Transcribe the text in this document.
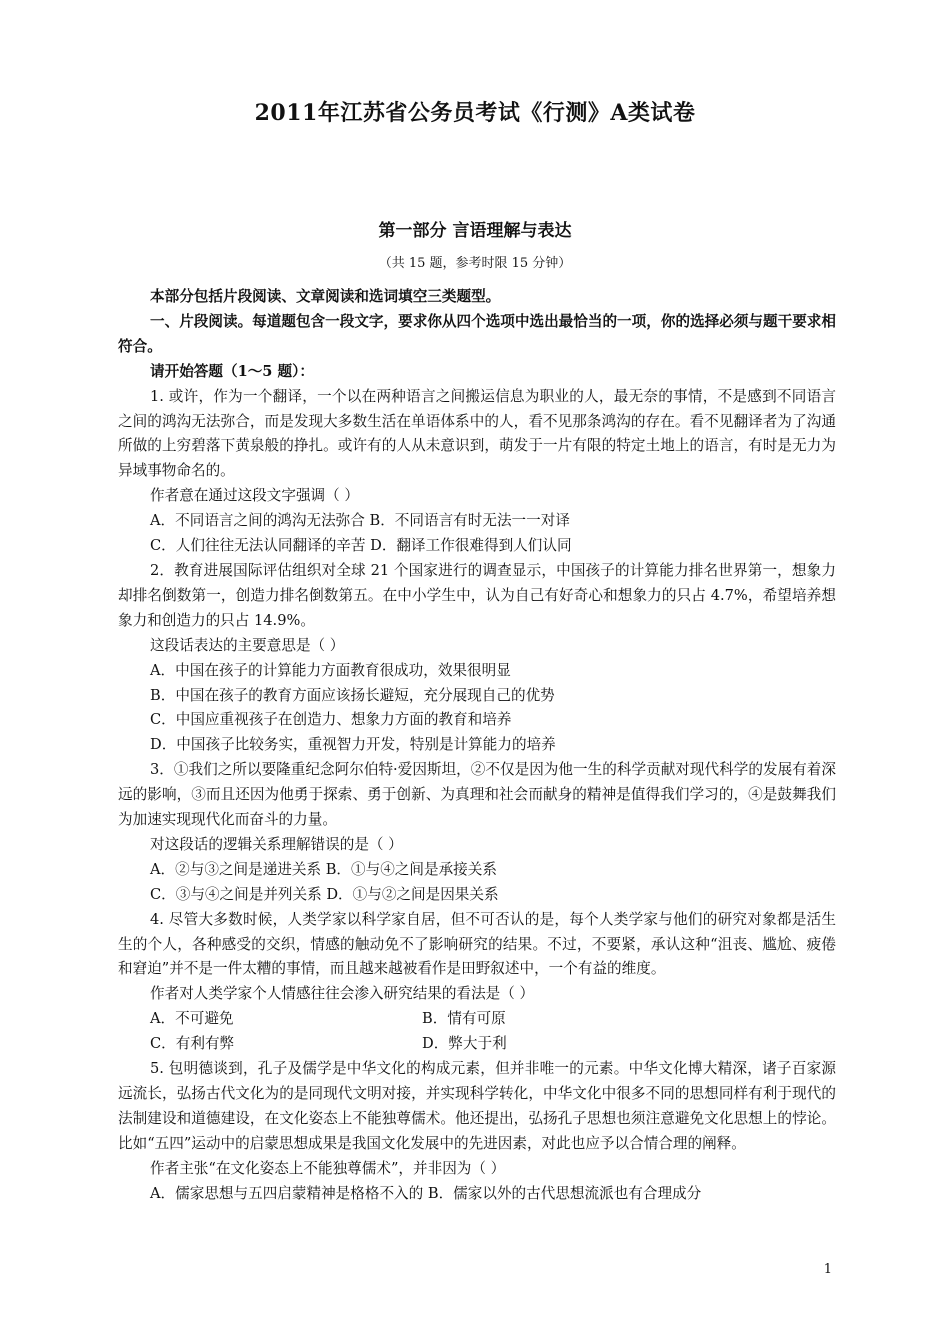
2011年江苏省公务员考试《行测》A类试卷
第一部分 言语理解与表达
（共 15 题，参考时限 15 分钟）

本部分包括片段阅读、文章阅读和选词填空三类题型。

一、片段阅读。每道题包含一段文字，要求你从四个选项中选出最恰当的一项，你的选择必须与题干要求相符合。

请开始答题（1～5 题）：

1. 或许，作为一个翻译，一个以在两种语言之间搬运信息为职业的人，最无奈的事情，不是感到不同语言之间的鸿沟无法弥合，而是发现大多数生活在单语体系中的人，看不见那条鸿沟的存在。看不见翻译者为了沟通所做的上穷碧落下黄泉般的挣扎。或许有的人从未意识到，萌发于一片有限的特定土地上的语言，有时是无力为异域事物命名的。

作者意在通过这段文字强调（ ）

A．不同语言之间的鸿沟无法弥合 B．不同语言有时无法一一对译

C．人们往往无法认同翻译的辛苦 D．翻译工作很难得到人们认同

2．教育进展国际评估组织对全球 21 个国家进行的调查显示，中国孩子的计算能力排名世界第一，想象力却排名倒数第一，创造力排名倒数第五。在中小学生中，认为自己有好奇心和想象力的只占 4.7%，希望培养想象力和创造力的只占 14.9%。

这段话表达的主要意思是（ ）

A．中国在孩子的计算能力方面教育很成功，效果很明显

B．中国在孩子的教育方面应该扬长避短，充分展现自己的优势

C．中国应重视孩子在创造力、想象力方面的教育和培养

D．中国孩子比较务实，重视智力开发，特别是计算能力的培养

3．①我们之所以要隆重纪念阿尔伯特·爱因斯坦，②不仅是因为他一生的科学贡献对现代科学的发展有着深远的影响，③而且还因为他勇于探索、勇于创新、为真理和社会而献身的精神是值得我们学习的，④是鼓舞我们为加速实现现代化而奋斗的力量。

对这段话的逻辑关系理解错误的是（ ）

A．②与③之间是递进关系 B．①与④之间是承接关系

C．③与④之间是并列关系 D．①与②之间是因果关系

4. 尽管大多数时候，人类学家以科学家自居，但不可否认的是，每个人类学家与他们的研究对象都是活生生的个人，各种感受的交织，情感的触动免不了影响研究的结果。不过，不要紧，承认这种“沮丧、尴尬、疲倦和窘迫”并不是一件太糟的事情，而且越来越被看作是田野叙述中，一个有益的维度。

作者对人类学家个人情感往往会渗入研究结果的看法是（ ）

A．不可避免	B．情有可原
C．有利有弊	D．弊大于利

5. 包明德谈到，孔子及儒学是中华文化的构成元素，但并非唯一的元素。中华文化博大精深，诸子百家源远流长，弘扬古代文化为的是同现代文明对接，并实现科学转化，中华文化中很多不同的思想同样有利于现代的法制建设和道德建设，在文化姿态上不能独尊儒术。他还提出，弘扬孔子思想也须注意避免文化思想上的悖论。比如“五四”运动中的启蒙思想成果是我国文化发展中的先进因素，对此也应予以合情合理的阐释。

作者主张“在文化姿态上不能独尊儒术”，并非因为（ ）

A．儒家思想与五四启蒙精神是格格不入的 B．儒家以外的古代思想流派也有合理成分

1
